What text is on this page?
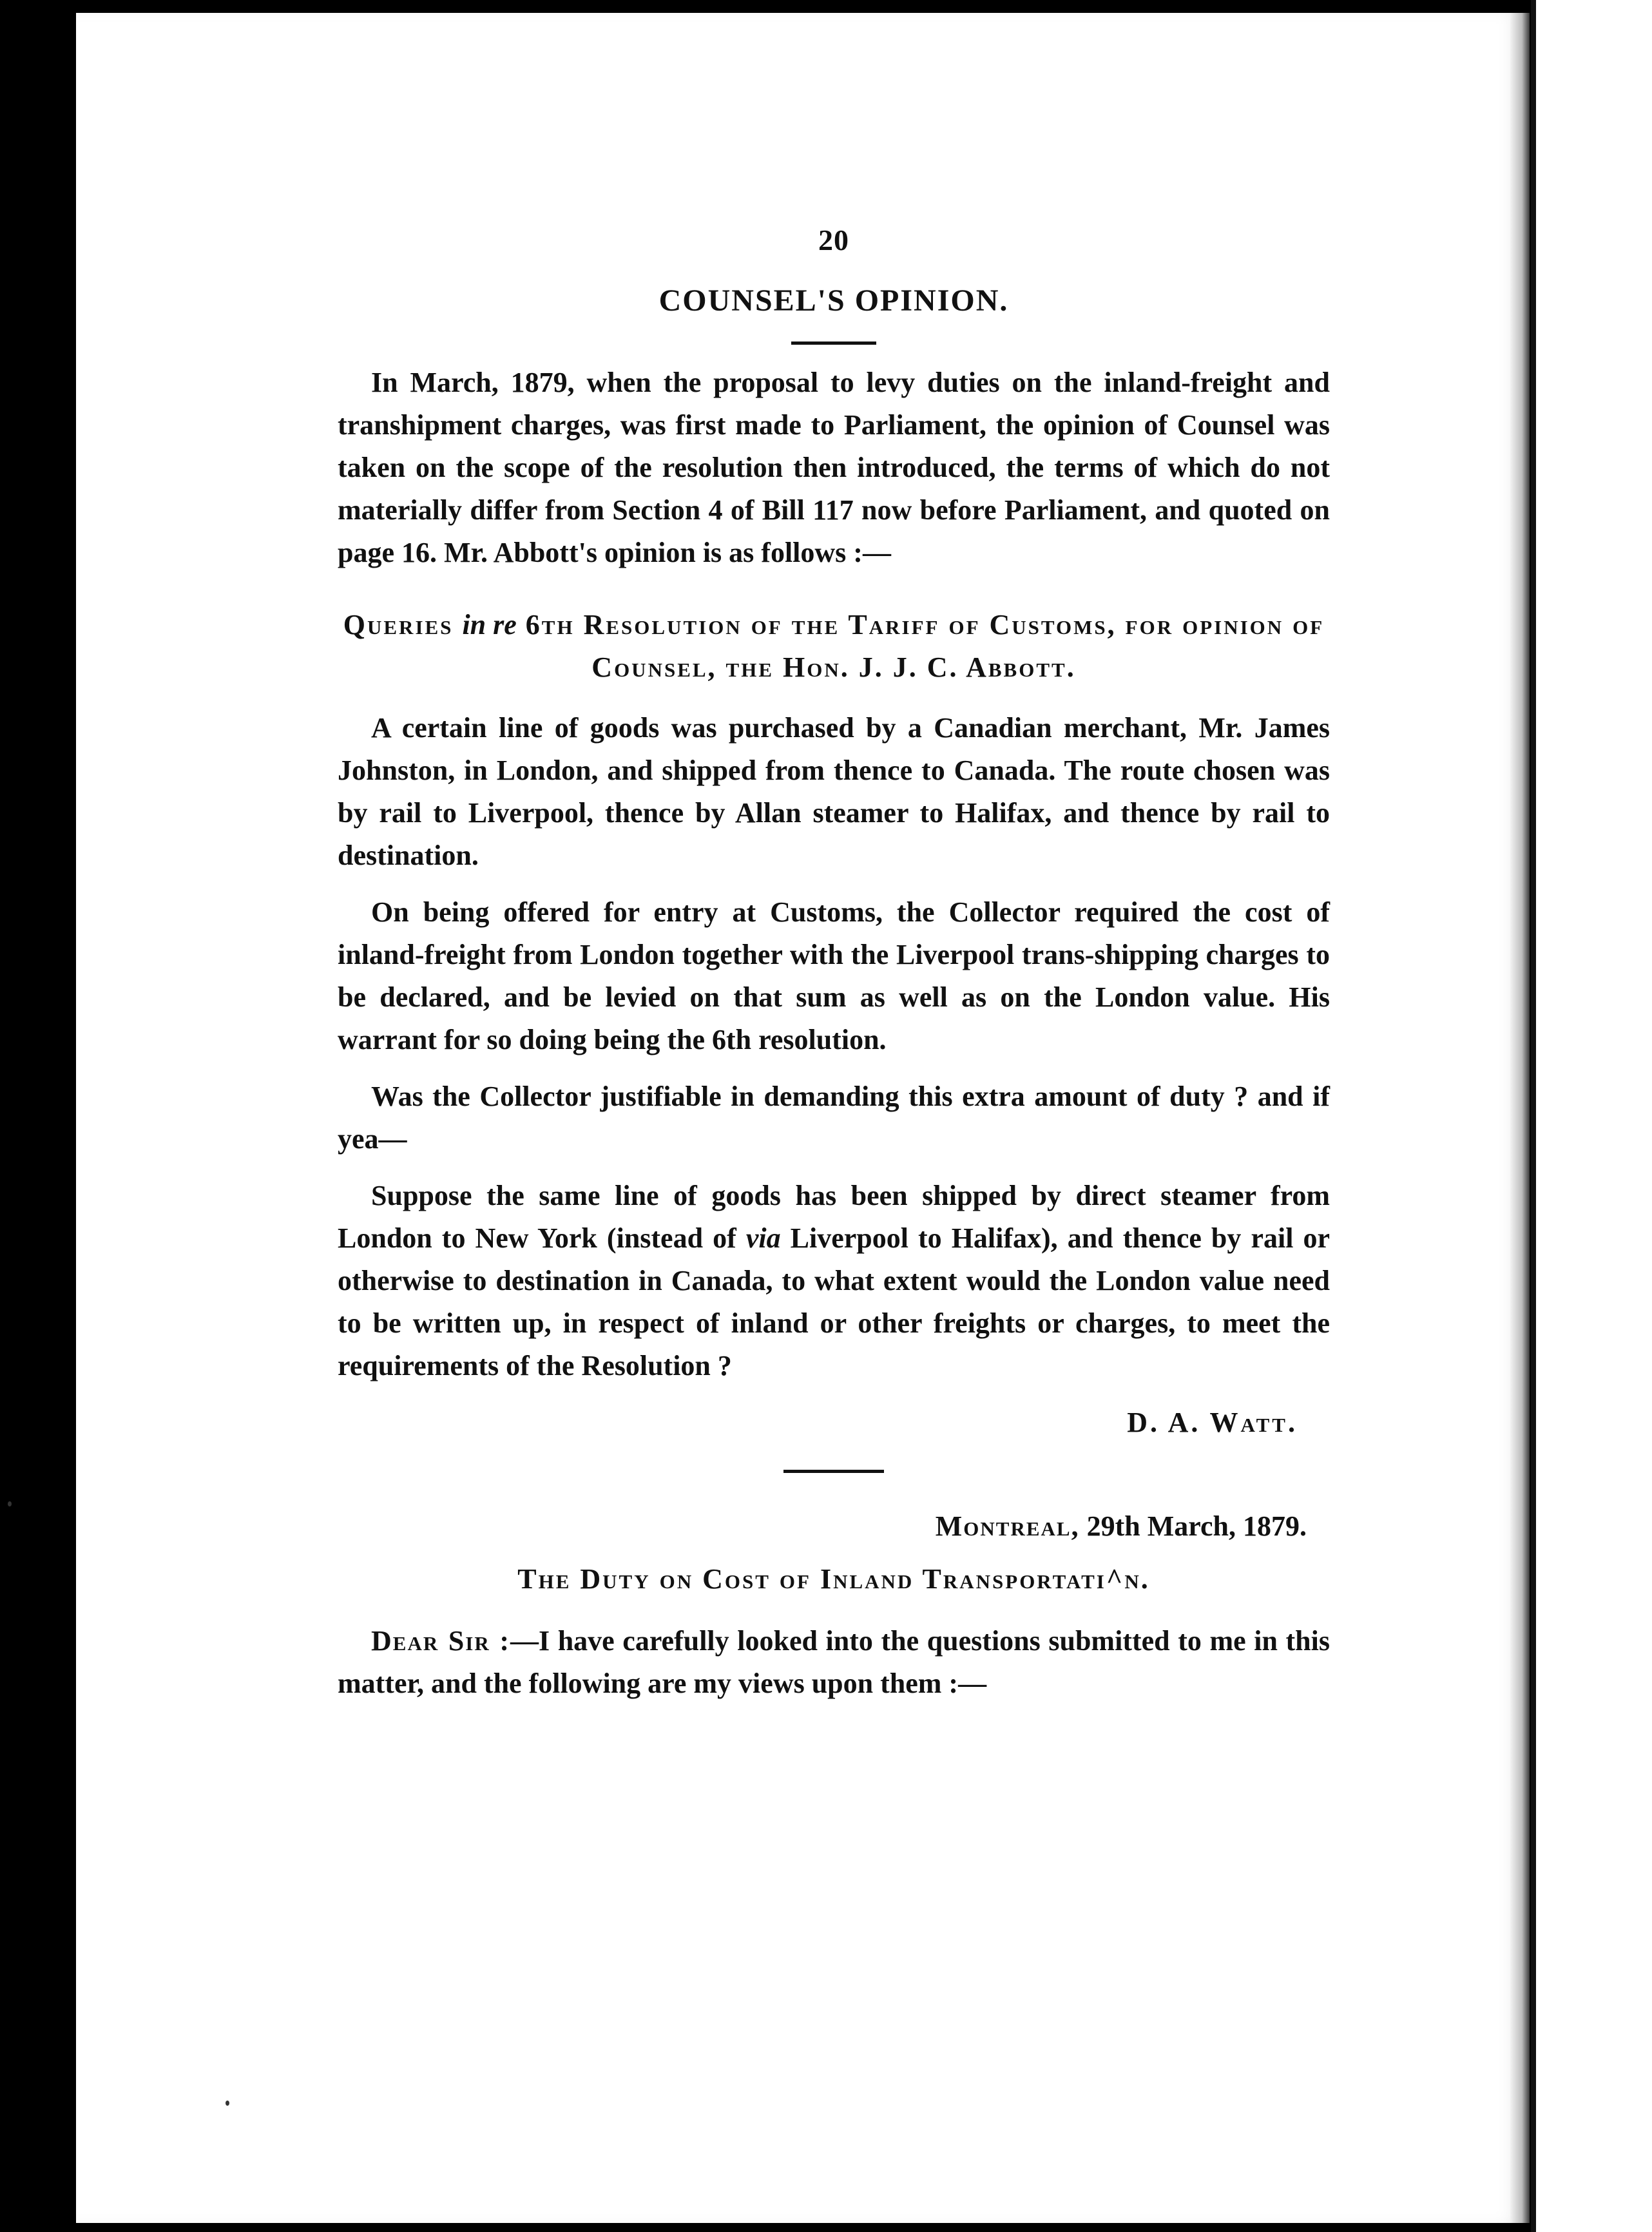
20
COUNSEL'S OPINION.

In March, 1879, when the proposal to levy duties on the inland-freight and transhipment charges, was first made to Parliament, the opinion of Counsel was taken on the scope of the resolution then introduced, the terms of which do not materially differ from Section 4 of Bill 117 now before Parliament, and quoted on page 16. Mr. Abbott's opinion is as follows :—

Queries in re 6th Resolution of the Tariff of Customs, for opinion of Counsel, the Hon. J. J. C. Abbott.

A certain line of goods was purchased by a Canadian merchant, Mr. James Johnston, in London, and shipped from thence to Canada. The route chosen was by rail to Liverpool, thence by Allan steamer to Halifax, and thence by rail to destination.

On being offered for entry at Customs, the Collector required the cost of inland-freight from London together with the Liverpool trans-shipping charges to be declared, and be levied on that sum as well as on the London value. His warrant for so doing being the 6th resolution.

Was the Collector justifiable in demanding this extra amount of duty ? and if yea—

Suppose the same line of goods has been shipped by direct steamer from London to New York (instead of via Liverpool to Halifax), and thence by rail or otherwise to destination in Canada, to what extent would the London value need to be written up, in respect of inland or other freights or charges, to meet the requirements of the Resolution ?

D. A. Watt.
Montreal, 29th March, 1879.
The Duty on Cost of Inland Transportati^n.

Dear Sir :—I have carefully looked into the questions submitted to me in this matter, and the following are my views upon them :—
